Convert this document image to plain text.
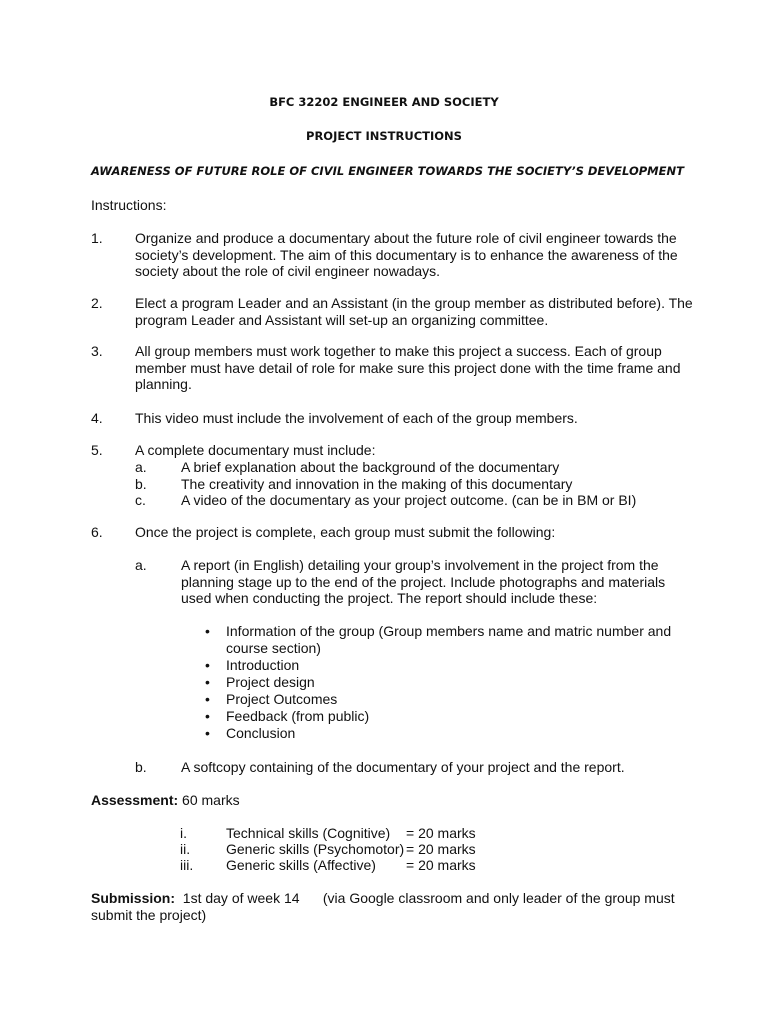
BFC 32202 ENGINEER AND SOCIETY
PROJECT INSTRUCTIONS
AWARENESS OF FUTURE ROLE OF CIVIL ENGINEER TOWARDS THE SOCIETY’S DEVELOPMENT
Instructions:
1. Organize and produce a documentary about the future role of civil engineer towards the society’s development. The aim of this documentary is to enhance the awareness of the society about the role of civil engineer nowadays.
2. Elect a program Leader and an Assistant (in the group member as distributed before). The program Leader and Assistant will set-up an organizing committee.
3. All group members must work together to make this project a success. Each of group member must have detail of role for make sure this project done with the time frame and planning.
4. This video must include the involvement of each of the group members.
5. A complete documentary must include:
a. A brief explanation about the background of the documentary
b. The creativity and innovation in the making of this documentary
c.	A video of the documentary as your project outcome. (can be in BM or BI)
6. Once the project is complete, each group must submit the following:
a. A report (in English) detailing your group’s involvement in the project from the planning stage up to the end of the project. Include photographs and materials used when conducting the project. The report should include these:
• Information of the group (Group members name and matric number and course section)
• Introduction
• Project design
• Project Outcomes
• Feedback (from public)
• Conclusion
b. A softcopy containing of the documentary of your project and the report.
Assessment: 60 marks
i.	Technical skills (Cognitive) = 20 marks
ii.	Generic skills (Psychomotor) = 20 marks
iii. Generic skills (Affective) = 20 marks
Submission:  1st day of week 14      (via Google classroom and only leader of the group must submit the project)
